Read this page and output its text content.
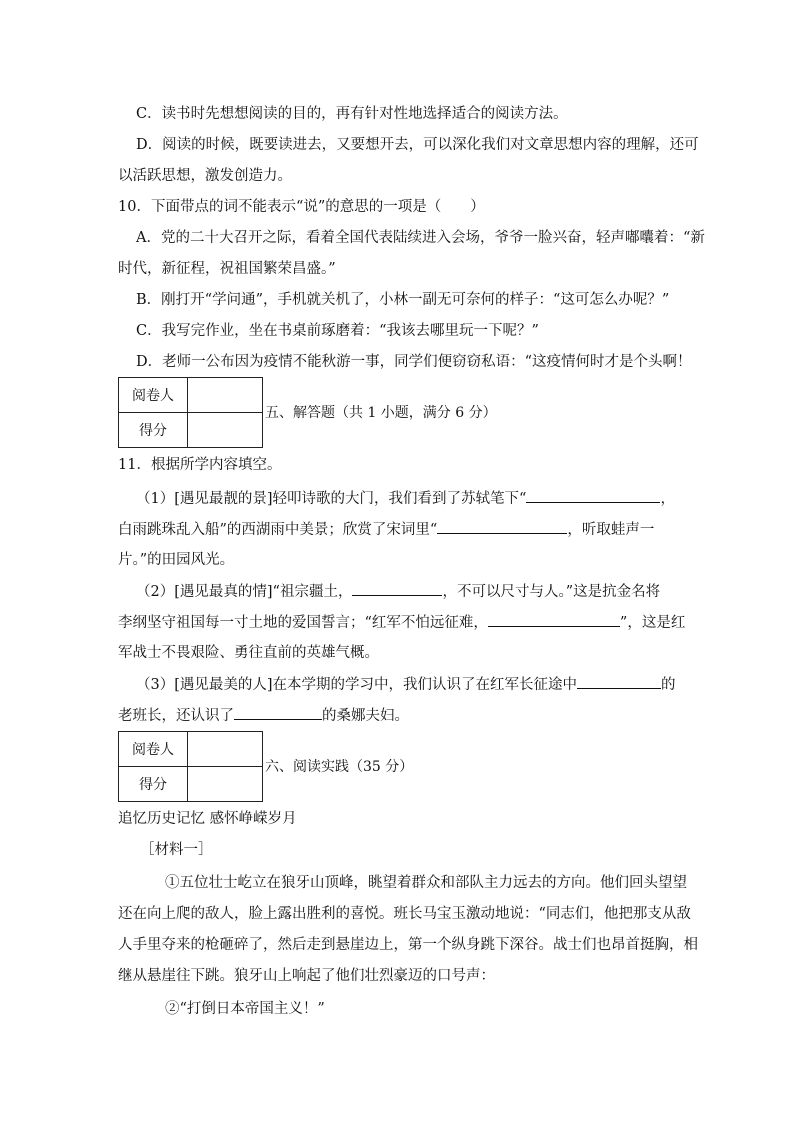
C．读书时先想想阅读的目的，再有针对性地选择适合的阅读方法。
D．阅读的时候，既要读进去，又要想开去，可以深化我们对文章思想内容的理解，还可
以活跃思想，激发创造力。
10．下面带点的词不能表示“说”的意思的一项是（　　）
A．党的二十大召开之际，看着全国代表陆续进入会场，爷爷一脸兴奋，轻声嘟囔着：“新
时代，新征程，祝祖国繁荣昌盛。”
B．刚打开“学问通”，手机就关机了，小林一副无可奈何的样子：“这可怎么办呢？”
C．我写完作业，坐在书桌前琢磨着：“我该去哪里玩一下呢？”
D．老师一公布因为疫情不能秋游一事，同学们便窃窃私语：“这疫情何时才是个头啊！
阅卷人	
得分	
五、解答题（共 1 小题，满分 6 分）
11．根据所学内容填空。
（1）[遇见最靓的景]轻叩诗歌的大门，我们看到了苏轼笔下“	，
白雨跳珠乱入船”的西湖雨中美景；欣赏了宋词里“	，听取蛙声一
片。”的田园风光。
（2）[遇见最真的情]“祖宗疆土，	，不可以尺寸与人。”这是抗金名将
李纲坚守祖国每一寸土地的爱国誓言；“红军不怕远征难，	”，这是红
军战士不畏艰险、勇往直前的英雄气概。
（3）[遇见最美的人]在本学期的学习中，我们认识了在红军长征途中	的
老班长，还认识了	的桑娜夫妇。
阅卷人	
得分	
六、阅读实践（35 分）
追忆历史记忆 感怀峥嵘岁月
［材料一］
①五位壮士屹立在狼牙山顶峰，眺望着群众和部队主力远去的方向。他们回头望望
还在向上爬的敌人，脸上露出胜利的喜悦。班长马宝玉激动地说：“同志们，他把那支从敌
人手里夺来的枪砸碎了，然后走到悬崖边上，第一个纵身跳下深谷。战士们也昂首挺胸，相
继从悬崖往下跳。狼牙山上响起了他们壮烈豪迈的口号声：
②“打倒日本帝国主义！”
